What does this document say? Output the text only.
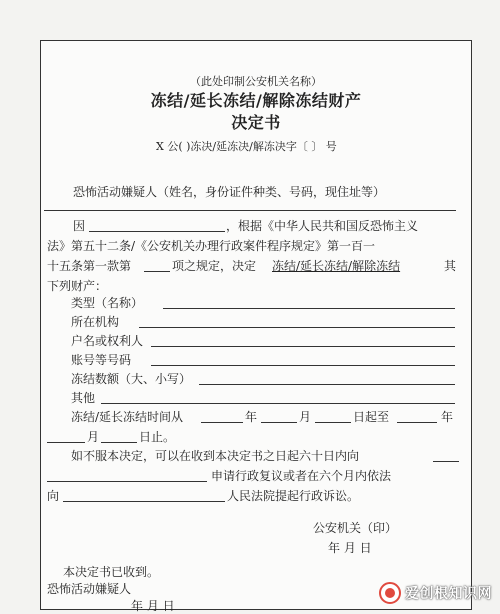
（此处印制公安机关名称）
冻结/延长冻结/解除冻结财产
决定书
X 公( )冻决/延冻决/解冻决字〔 〕 号
恐怖活动嫌疑人（姓名，身份证件种类、号码，现住址等）
因	，根据《中华人民共和国反恐怖主义
法》第五十二条/《公安机关办理行政案件程序规定》第一百一
十五条第一款第	项之规定，决定 冻结/延长冻结/解除冻结	其
下列财产：
类型（名称）
所在机构
户名或权利人
账号等号码
冻结数额（大、小写）
其他
冻结/延长冻结时间从	年	月	日起至	年
月	日止。
如不服本决定，可以在收到本决定书之日起六十日内向
申请行政复议或者在六个月内依法
向	人民法院提起行政诉讼。
公安机关（印）
年 月 日
本决定书已收到。
恐怖活动嫌疑人
年 月 日
爱创根知识网
